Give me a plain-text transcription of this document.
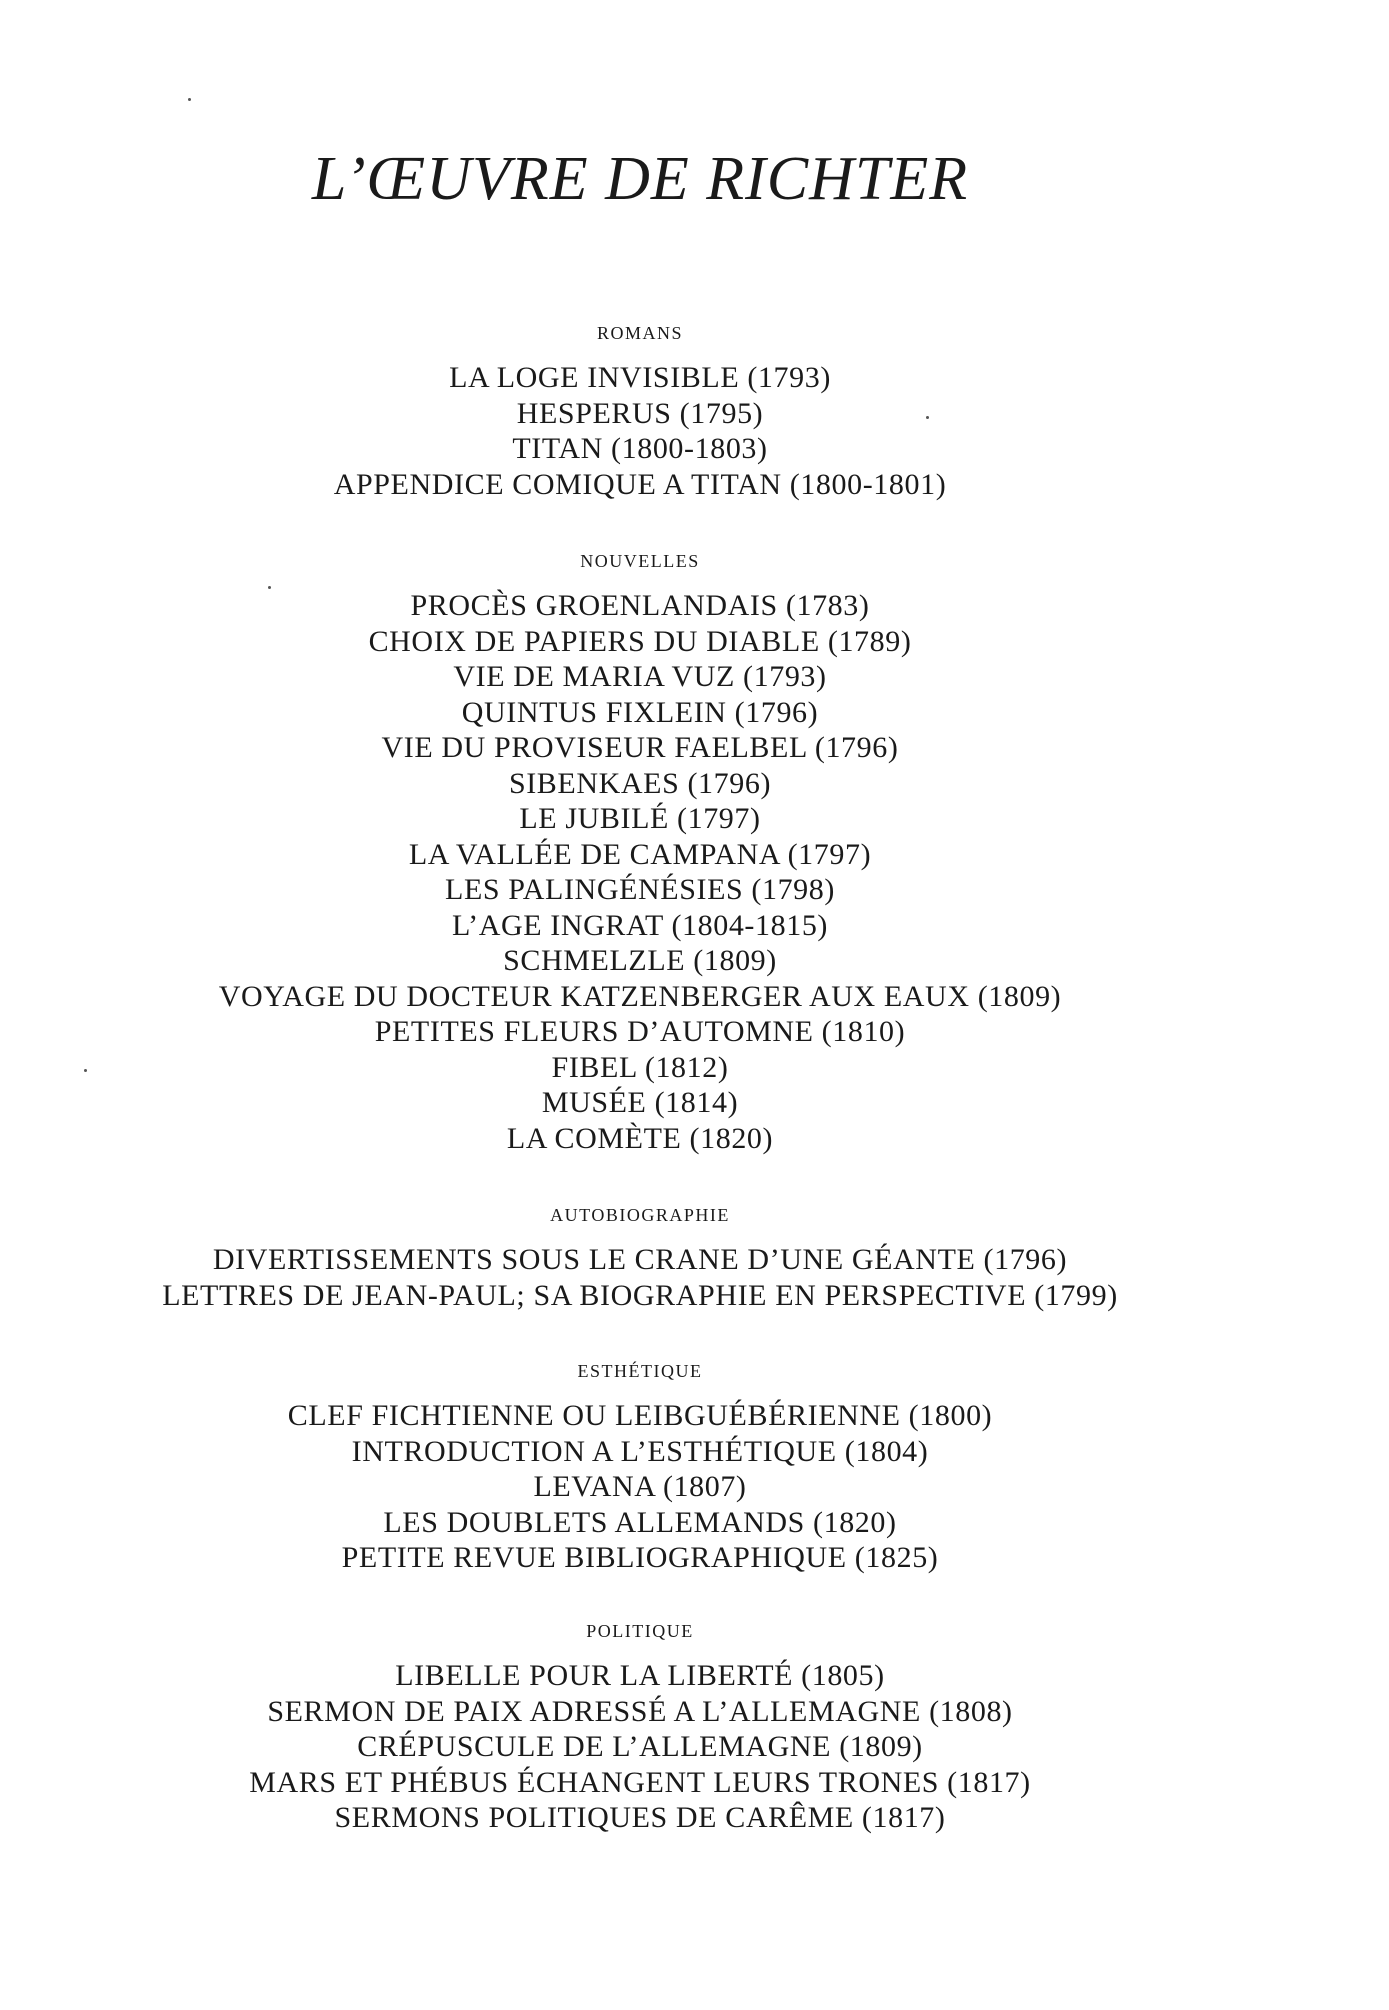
L’ŒUVRE DE RICHTER
ROMANS
LA LOGE INVISIBLE (1793)
HESPERUS (1795)
TITAN (1800-1803)
APPENDICE COMIQUE A TITAN (1800-1801)
NOUVELLES
PROCÈS GROENLANDAIS (1783)
CHOIX DE PAPIERS DU DIABLE (1789)
VIE DE MARIA VUZ (1793)
QUINTUS FIXLEIN (1796)
VIE DU PROVISEUR FAELBEL (1796)
SIBENKAES (1796)
LE JUBILÉ (1797)
LA VALLÉE DE CAMPANA (1797)
LES PALINGÉNÉSIES (1798)
L’AGE INGRAT (1804-1815)
SCHMELZLE (1809)
VOYAGE DU DOCTEUR KATZENBERGER AUX EAUX (1809)
PETITES FLEURS D’AUTOMNE (1810)
FIBEL (1812)
MUSÉE (1814)
LA COMÈTE (1820)
AUTOBIOGRAPHIE
DIVERTISSEMENTS SOUS LE CRANE D’UNE GÉANTE (1796)
LETTRES DE JEAN-PAUL; SA BIOGRAPHIE EN PERSPECTIVE (1799)
ESTHÉTIQUE
CLEF FICHTIENNE OU LEIBGUÉBÉRIENNE (1800)
INTRODUCTION A L’ESTHÉTIQUE (1804)
LEVANA (1807)
LES DOUBLETS ALLEMANDS (1820)
PETITE REVUE BIBLIOGRAPHIQUE (1825)
POLITIQUE
LIBELLE POUR LA LIBERTÉ (1805)
SERMON DE PAIX ADRESSÉ A L’ALLEMAGNE (1808)
CRÉPUSCULE DE L’ALLEMAGNE (1809)
MARS ET PHÉBUS ÉCHANGENT LEURS TRONES (1817)
SERMONS POLITIQUES DE CARÊME (1817)
